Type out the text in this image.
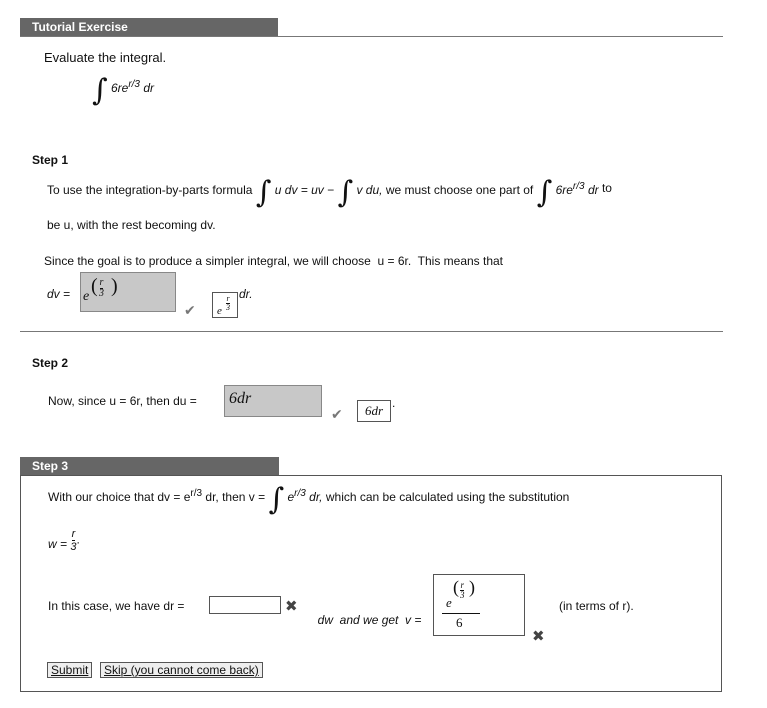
Tutorial Exercise
Evaluate the integral.
∫ $6re^{r/3}$ dr
Step 1
To use the integration-by-parts formula ∫ u dv = uv − ∫ v du, we must choose one part of ∫ $6re^{r/3}$ dr to
be u, with the rest becoming dv.
Since the goal is to produce a simpler integral, we will choose  u = 6r.  This means that
dv = e ( $\frac{r}{3}$ )
✔ e $\frac{r}{3}$
dr.
Step 2
Now, since u = 6r, then du =	6dr
✔	6dr .
Step 3
With our choice that dv = $e^{r/3}$ dr, then v = ∫ $e^{r/3}$ dr, which can be calculated using the substitution
$w = \frac{r}{3}$ .
In this case, we have dr =	✖

dw  and we get  v =

e
( $\frac{r}{3}$ )
6
✖
(in terms of r).
Submit	Skip (you cannot come back)
